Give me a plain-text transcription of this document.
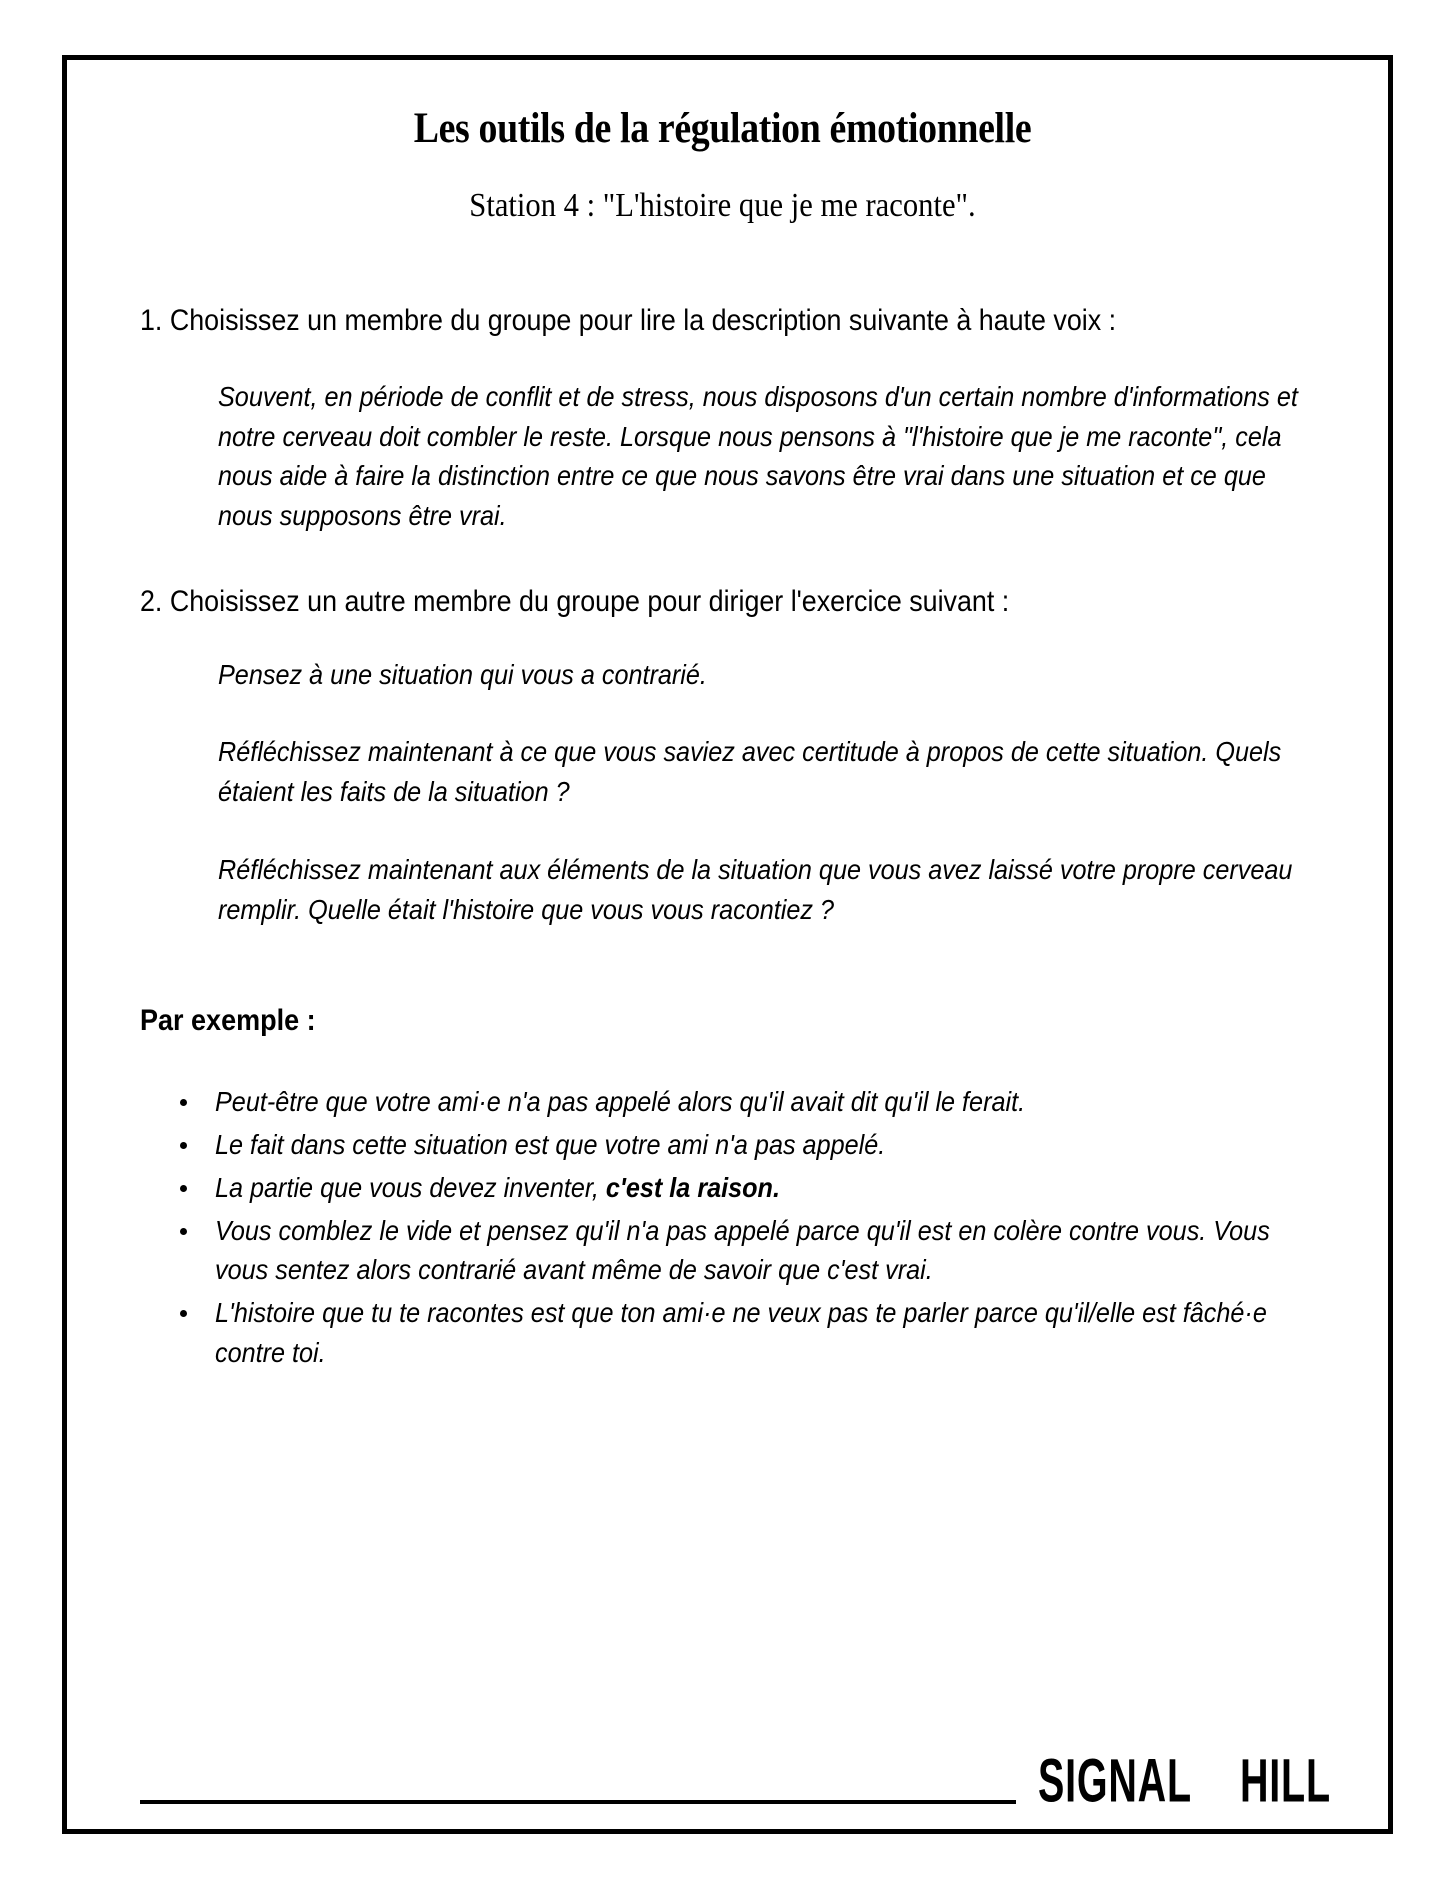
Les outils de la régulation émotionnelle
Station 4 : "L'histoire que je me raconte".

1. Choisissez un membre du groupe pour lire la description suivante à haute voix :

Souvent, en période de conflit et de stress, nous disposons d'un certain nombre d'informations et notre cerveau doit combler le reste. Lorsque nous pensons à "l'histoire que je me raconte", cela nous aide à faire la distinction entre ce que nous savons être vrai dans une situation et ce que nous supposons être vrai.

2. Choisissez un autre membre du groupe pour diriger l'exercice suivant :

Pensez à une situation qui vous a contrarié.

Réfléchissez maintenant à ce que vous saviez avec certitude à propos de cette situation. Quels étaient les faits de la situation ?

Réfléchissez maintenant aux éléments de la situation que vous avez laissé votre propre cerveau remplir. Quelle était l'histoire que vous vous racontiez ?

Par exemple :

Peut-être que votre ami·e n'a pas appelé alors qu'il avait dit qu'il le ferait.
Le fait dans cette situation est que votre ami n'a pas appelé.
La partie que vous devez inventer, c'est la raison.
Vous comblez le vide et pensez qu'il n'a pas appelé parce qu'il est en colère contre vous. Vous vous sentez alors contrarié avant même de savoir que c'est vrai.
L'histoire que tu te racontes est que ton ami·e ne veux pas te parler parce qu'il/elle est fâché·e contre toi.
SIGNAL HILL
